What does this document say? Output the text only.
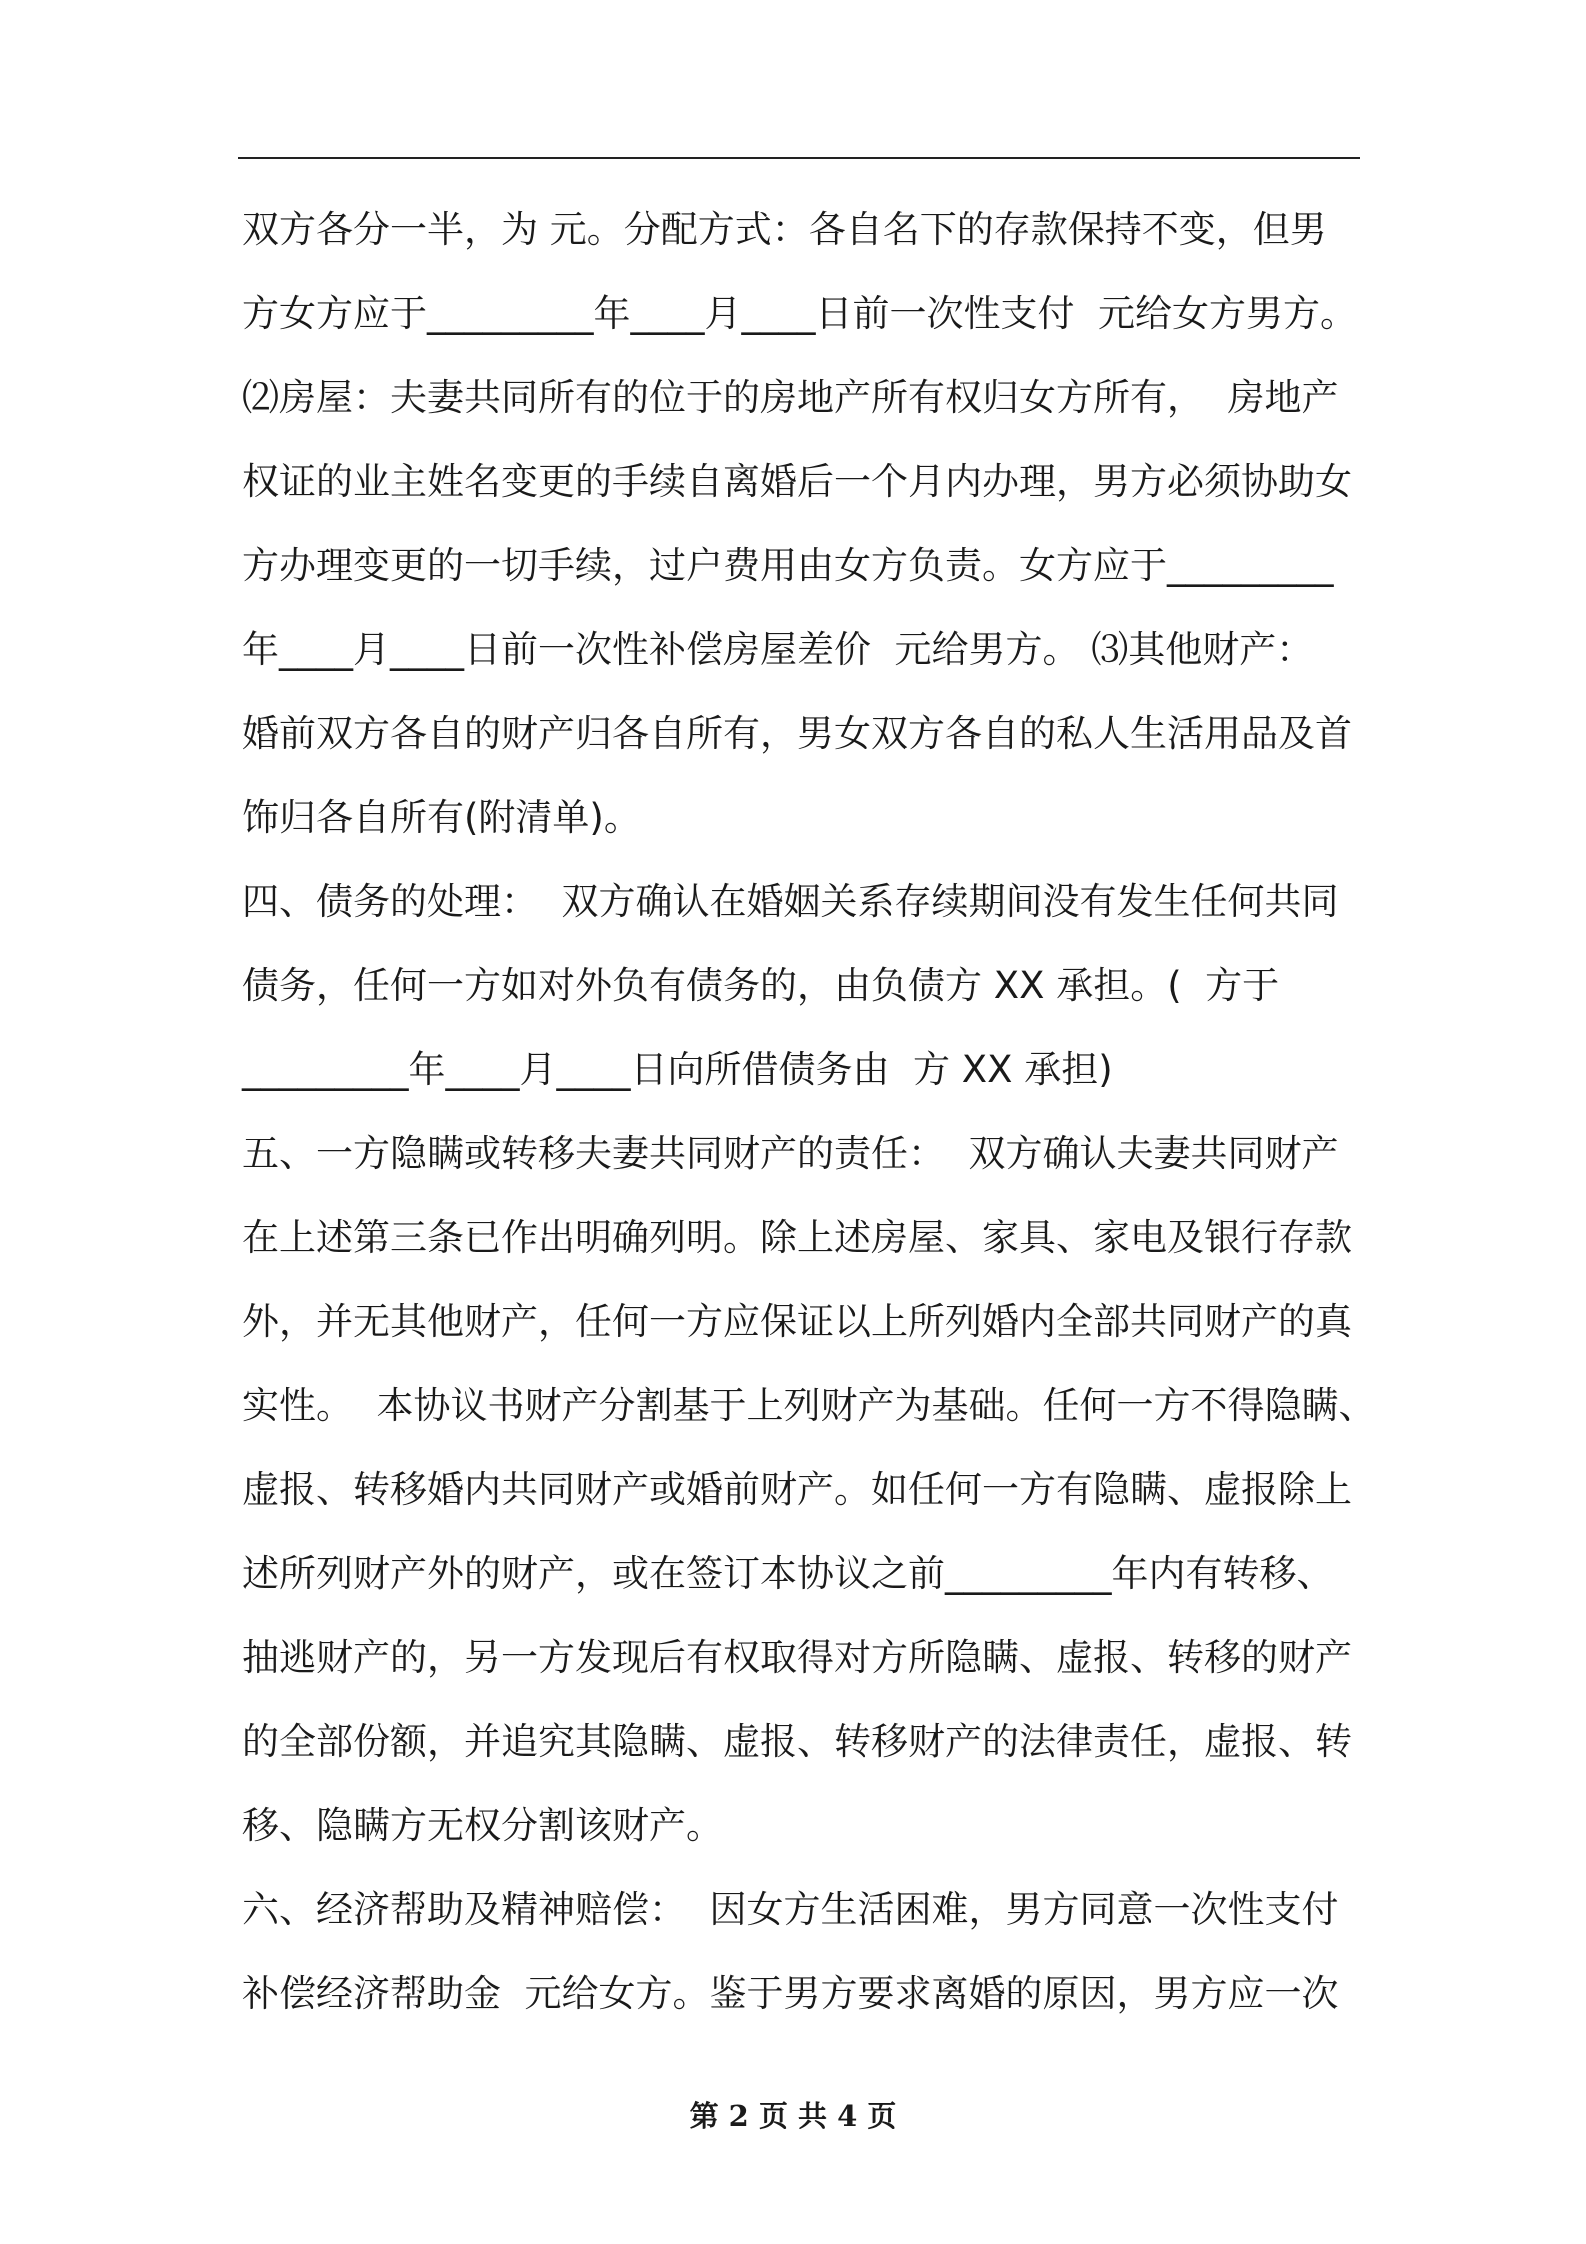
双方各分一半，为 元。分配方式：各自名下的存款保持不变，但男
方女方应于_________年____月____日前一次性支付  元给女方男方。
⑵房屋：夫妻共同所有的位于的房地产所有权归女方所有，  房地产
权证的业主姓名变更的手续自离婚后一个月内办理，男方必须协助女
方办理变更的一切手续，过户费用由女方负责。女方应于_________
年____月____日前一次性补偿房屋差价  元给男方。 ⑶其他财产：
婚前双方各自的财产归各自所有，男女双方各自的私人生活用品及首
饰归各自所有(附清单)。
四、债务的处理：  双方确认在婚姻关系存续期间没有发生任何共同
债务，任何一方如对外负有债务的，由负债方 XX 承担。(  方于
_________年____月____日向所借债务由  方 XX 承担)
五、一方隐瞒或转移夫妻共同财产的责任：  双方确认夫妻共同财产
在上述第三条已作出明确列明。除上述房屋、家具、家电及银行存款
外，并无其他财产，任何一方应保证以上所列婚内全部共同财产的真
实性。  本协议书财产分割基于上列财产为基础。任何一方不得隐瞒、
虚报、转移婚内共同财产或婚前财产。如任何一方有隐瞒、虚报除上
述所列财产外的财产，或在签订本协议之前_________年内有转移、
抽逃财产的，另一方发现后有权取得对方所隐瞒、虚报、转移的财产
的全部份额，并追究其隐瞒、虚报、转移财产的法律责任，虚报、转
移、隐瞒方无权分割该财产。
六、经济帮助及精神赔偿：  因女方生活困难，男方同意一次性支付
补偿经济帮助金  元给女方。鉴于男方要求离婚的原因，男方应一次
第 2 页 共 4 页
